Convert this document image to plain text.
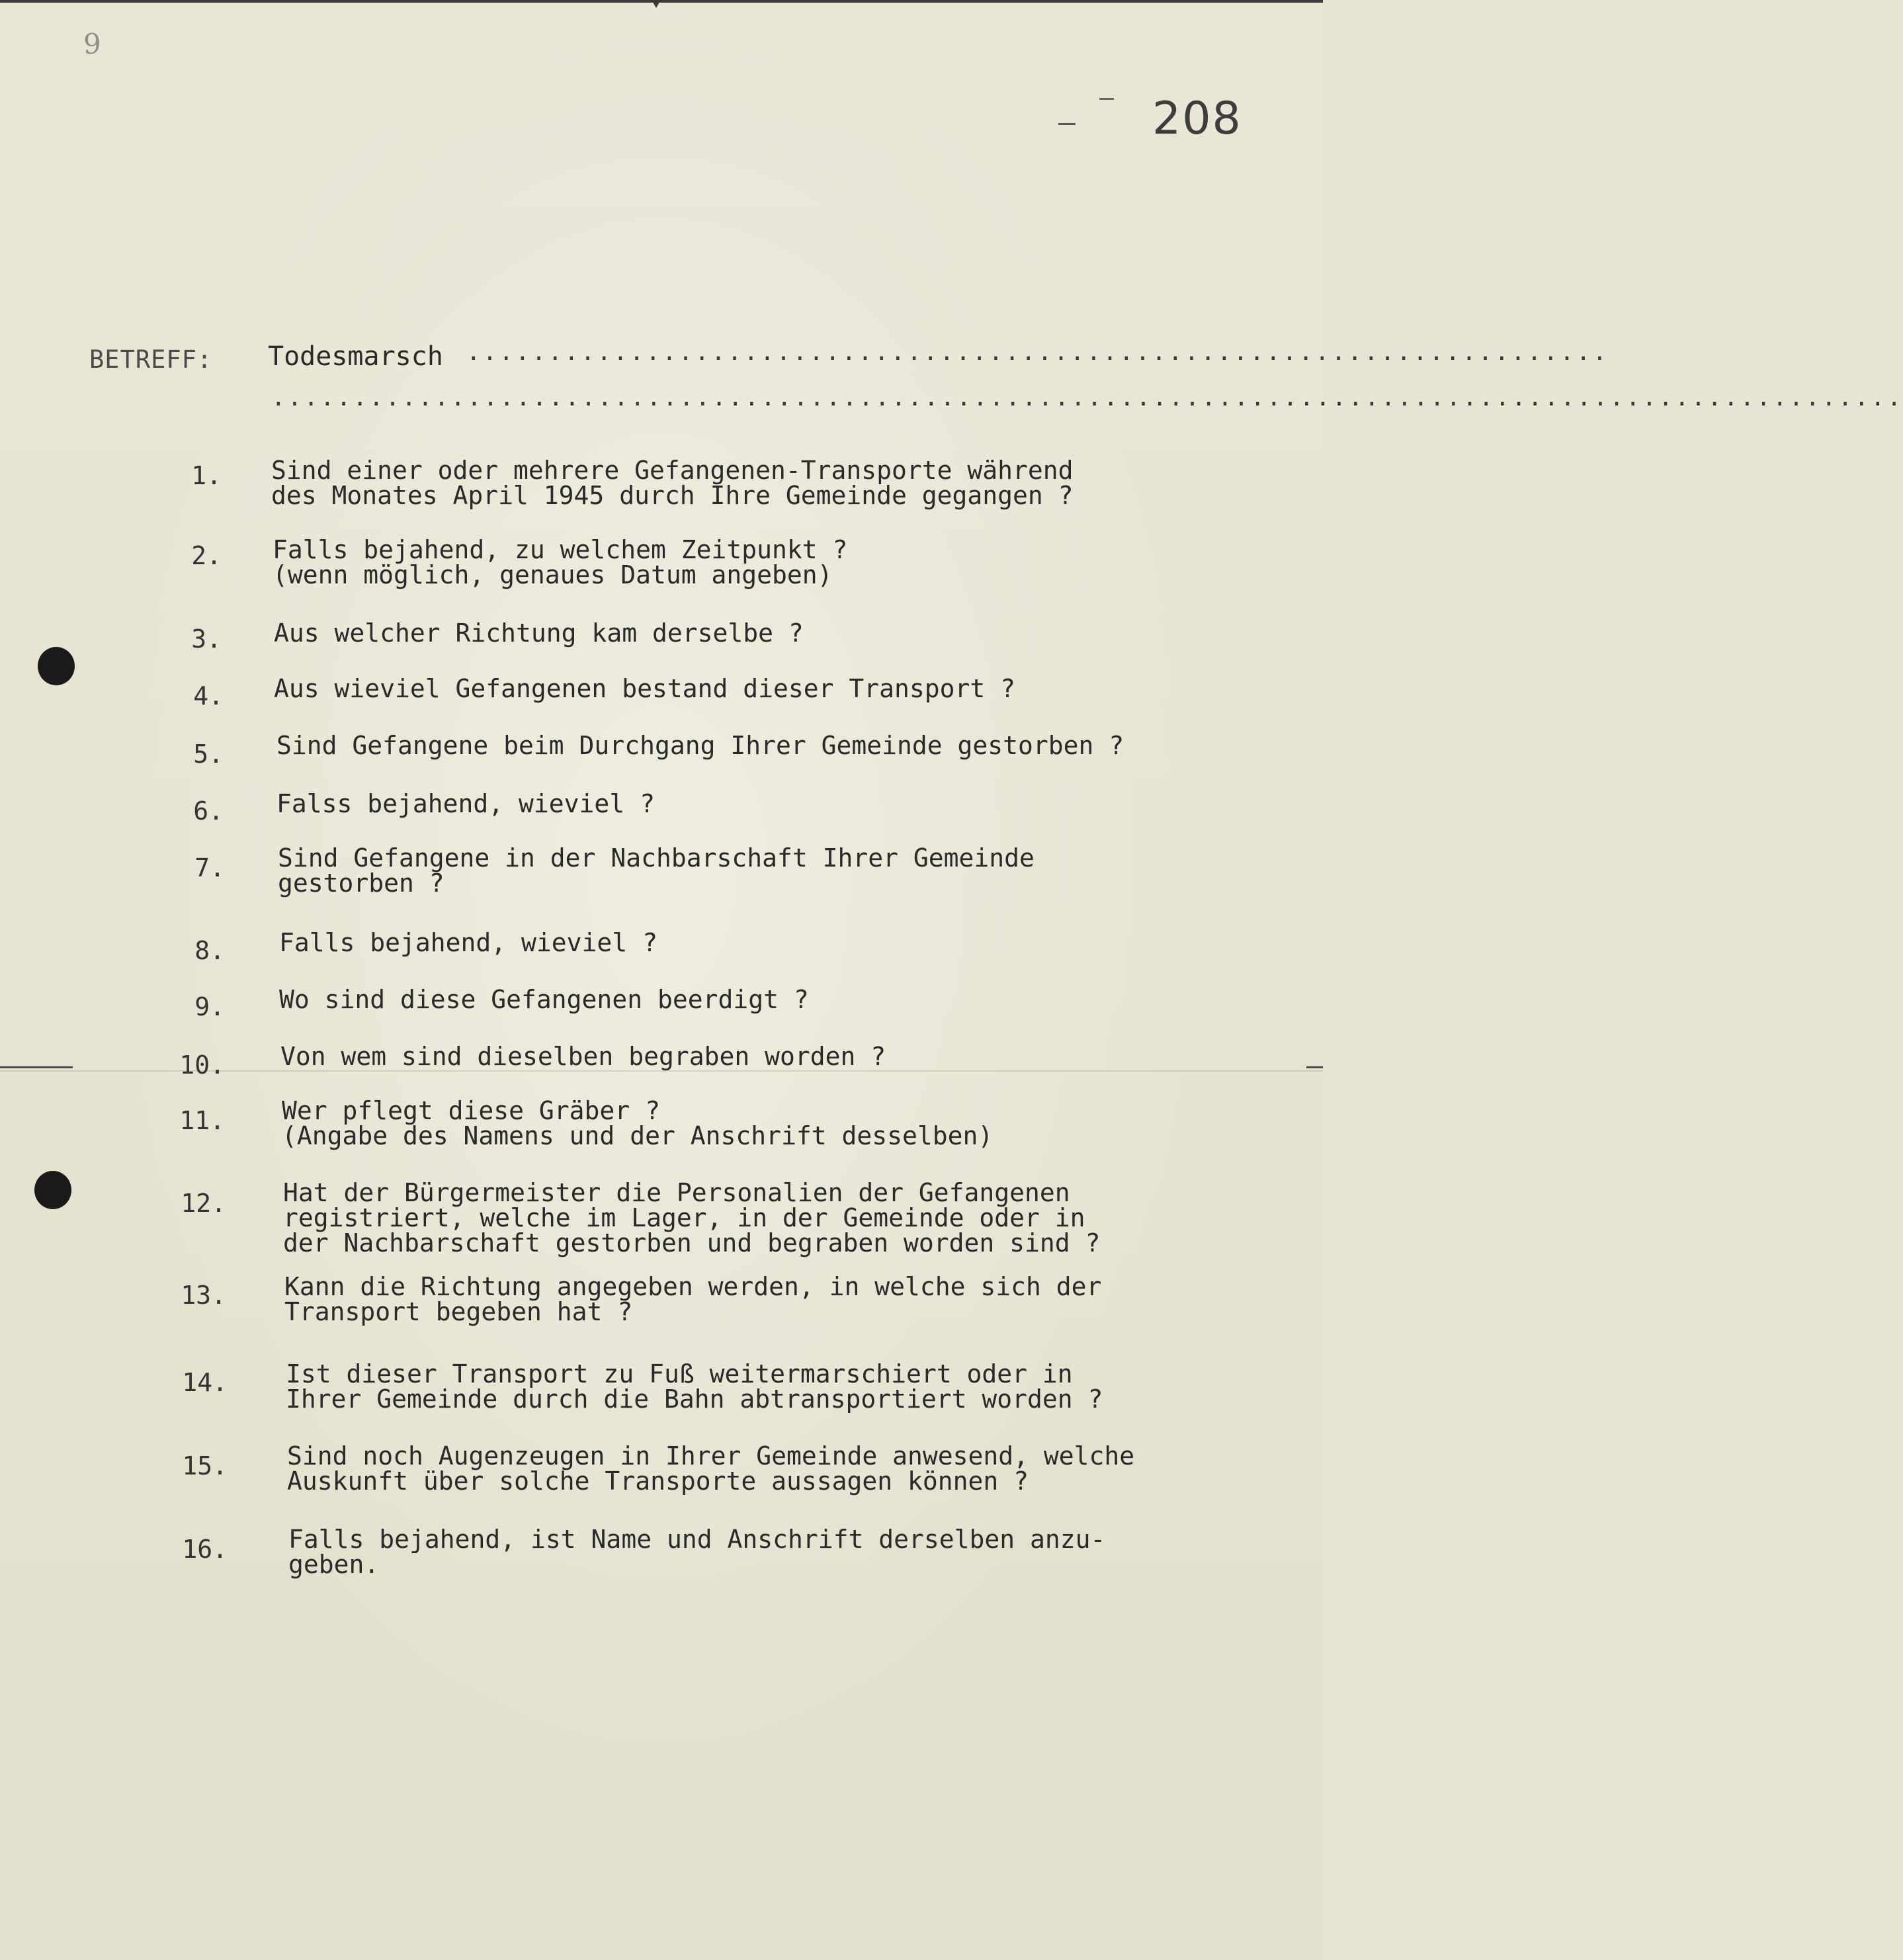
9
208
BETREFF: Todesmarsch ......................................................................
....................................................................................................
1. Sind einer oder mehrere Gefangenen-Transporte während
des Monates April 1945 durch Ihre Gemeinde gegangen ?
2. Falls bejahend, zu welchem Zeitpunkt ?
(wenn möglich, genaues Datum angeben)
3. Aus welcher Richtung kam derselbe ?
4. Aus wieviel Gefangenen bestand dieser Transport ?
5. Sind Gefangene beim Durchgang Ihrer Gemeinde gestorben ?
6. Falss bejahend, wieviel ?
7. Sind Gefangene in der Nachbarschaft Ihrer Gemeinde
gestorben ?
8. Falls bejahend, wieviel ?
9. Wo sind diese Gefangenen beerdigt ?
10. Von wem sind dieselben begraben worden ?
11. Wer pflegt diese Gräber ?
(Angabe des Namens und der Anschrift desselben)
12. Hat der Bürgermeister die Personalien der Gefangenen
registriert, welche im Lager, in der Gemeinde oder in
der Nachbarschaft gestorben und begraben worden sind ?
13. Kann die Richtung angegeben werden, in welche sich der
Transport begeben hat ?
14. Ist dieser Transport zu Fuß weitermarschiert oder in
Ihrer Gemeinde durch die Bahn abtransportiert worden ?
15. Sind noch Augenzeugen in Ihrer Gemeinde anwesend, welche
Auskunft über solche Transporte aussagen können ?
16. Falls bejahend, ist Name und Anschrift derselben anzu-
geben.
